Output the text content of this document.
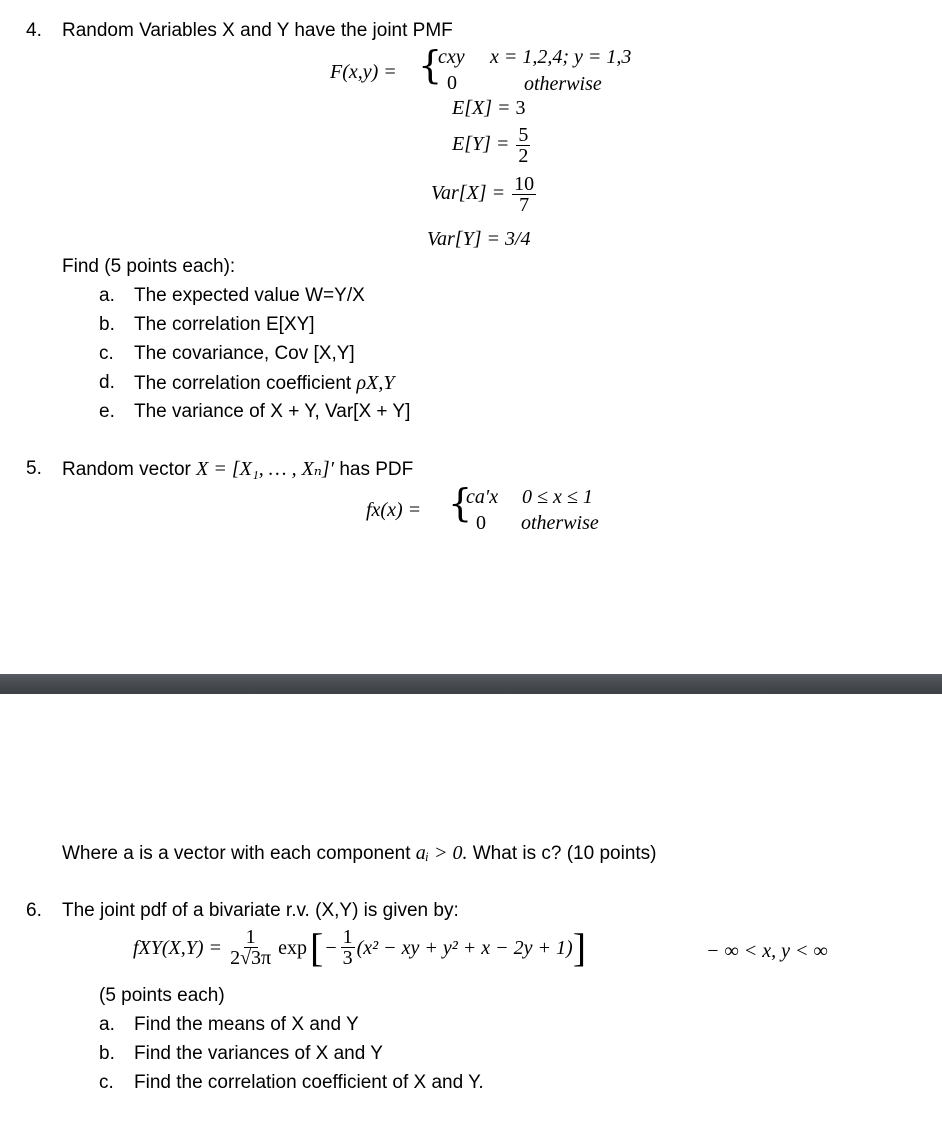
4. Random Variables X and Y have the joint PMF
F(x,y) = {
cxy x = 1,2,4; y = 1,3
0	otherwise
E[X] = 3
$E[Y] = \frac{5}{2}$
$Var[X] = \frac{10}{7}$
Var[Y] = 3/4
Find (5 points each):
a. The expected value W=Y/X
b. The correlation E[XY]
c. The covariance, Cov [X,Y]
d. The correlation coefficient ρX,Y
e. The variance of X + Y, Var[X + Y]
5. Random vector X = [X₁, … , Xₙ]′ has PDF
fx(x) = {
ca′x 0 ≤ x ≤ 1
0 otherwise
Where a is a vector with each component aᵢ > 0. What is c? (10 points)
6. The joint pdf of a bivariate r.v. (X,Y) is given by:
$fXY(X,Y) = \frac{1}{2√3\pi}$ exp [ − $\frac{1}{3} (x^2$ − xy + y² + x − 2y + 1) ]	− ∞ < x, y < ∞
(5 points each)
a. Find the means of X and Y
b. Find the variances of X and Y
c. Find the correlation coefficient of X and Y.
